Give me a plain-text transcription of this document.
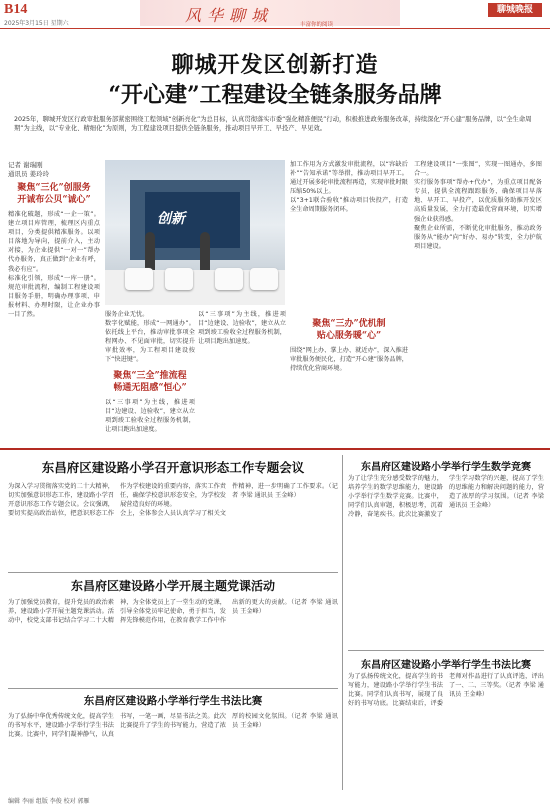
B14
2025年3月15日 星期六	风华聊城	丰富你的阅读
聊城晚报
聊城开发区创新打造
“开心建”工程建设全链条服务品牌
2025年，聊城开发区行政审批服务部紧密围绕工程领域“创新亮化”为总目标，认真贯彻落实市委“强化精准便民”行动，积极推进政务服务改革，持续深化“开心建”服务品牌，以“全生命周期”为主线，以“专业化、精细化”为原则，为工程建设项目提供全链条服务，推动项目早开工、早投产、早见效。
记者 谢瑞刚
通讯员 姜玲玲
聚焦“三化”创服务
开诚布公贝“诚心”
精准化破题，形成“一企一策”。建立项目库管理，梳理区内重点项目，分类提供精准服务。以项目落地为导向，提前介入，主动对接，为企业提供“一对一”帮办代办服务，真正做到“企业有呼，我必有应”。
标准化引领，形成“一库一册”。规范审批流程，编制工程建设项目服务手册，明确办理事项、申报材料、办理时限，让企业办事一目了然。
创新
服务企业无忧。
数字化赋能，形成“一网通办”。依托线上平台，推动审批事项全程网办、不见面审批，切实提升审批效率，为工程项目建设按下“快进键”。
聚焦“三全”推流程
畅通无阻感“恒心”
以“三事项”为主线，推进项目“边建设、边验收”，建立从立项到竣工验收全过程服务机制，让项目跑出加速度。
以“三事项”为主线，推进项目“边建设、边验收”，建立从立项到竣工验收全过程服务机制，让项目跑出加速度。
加工作用为方式激发审批流程，以“容缺后补”“告知承诺”等举措，推动项目早开工。通过开展多轮审批流程再造，实现审批时限压缩50%以上。
以“3+1联合验收”推动项目快投产，打造全生命周期服务闭环。
聚焦“三办”优机制
贴心服务暖“心”
围绕“网上办、掌上办、就近办”，深入推进审批服务便民化，打造“开心建”服务品牌，持续优化营商环境。
工程建设项目“一张图”，实现一图通办，多图合一。
实行服务事项“帮办+代办”，为重点项目配备专员，提供全流程跟踪服务，确保项目早落地、早开工、早投产，以优质服务助推开发区高质量发展，全力打造最优营商环境，切实增强企业获得感。
聚焦企业所需，不断优化审批服务，推动政务服务从“能办”向“好办、易办”转变，全力护航项目建设。
东昌府区建设路小学召开意识形态工作专题会议
为深入学习贯彻落实党的二十大精神，切实加强意识形态工作，建设路小学召开意识形态工作专题会议。会议强调，要切实提高政治站位，把意识形态工作作为学校建设的重要内容，落实工作责任，确保学校意识形态安全，为学校发展营造良好的环境。
会上，全体参会人员认真学习了相关文件精神，进一步明确了工作要求。（记者 李梁 通讯员 王金峰）
东昌府区建设路小学开展主题党课活动
为了加强党员教育，提升党员的政治素养，建设路小学开展主题党课活动。活动中，校党支部书记结合学习二十大精神，为全体党员上了一堂生动的党课，引导全体党员牢记使命，勇于担当，发挥先锋模范作用，在教育教学工作中作出新的更大的贡献。（记者 李梁 通讯员 王金峰）
东昌府区建设路小学举行学生书法比赛
为了弘扬中华优秀传统文化，提高学生的书写水平，建设路小学举行学生书法比赛。比赛中，同学们凝神静气，认真书写，一笔一画，尽显书法之美。此次比赛提升了学生的书写能力，营造了浓厚的校园文化氛围。（记者 李梁 通讯员 王金峰）
东昌府区建设路小学举行学生数学竞赛
为了让学生充分感受数学的魅力，培养学生的数学思维能力，建设路小学举行学生数学竞赛。比赛中，同学们认真审题，积极思考，沉着冷静，奋笔疾书。此次比赛激发了学生学习数学的兴趣，提高了学生的思维能力和解决问题的能力，营造了浓厚的学习氛围。（记者 李梁 通讯员 王金峰）
东昌府区建设路小学举行学生书法比赛
为了弘扬传统文化，提高学生的书写能力，建设路小学举行学生书法比赛。同学们认真书写，展现了良好的书写功底。比赛结束后，评委老师对作品进行了认真评选，评出了一、二、三等奖。（记者 李梁 通讯员 王金峰）
编辑 李丽 组版 李俊 校对 郭雁
